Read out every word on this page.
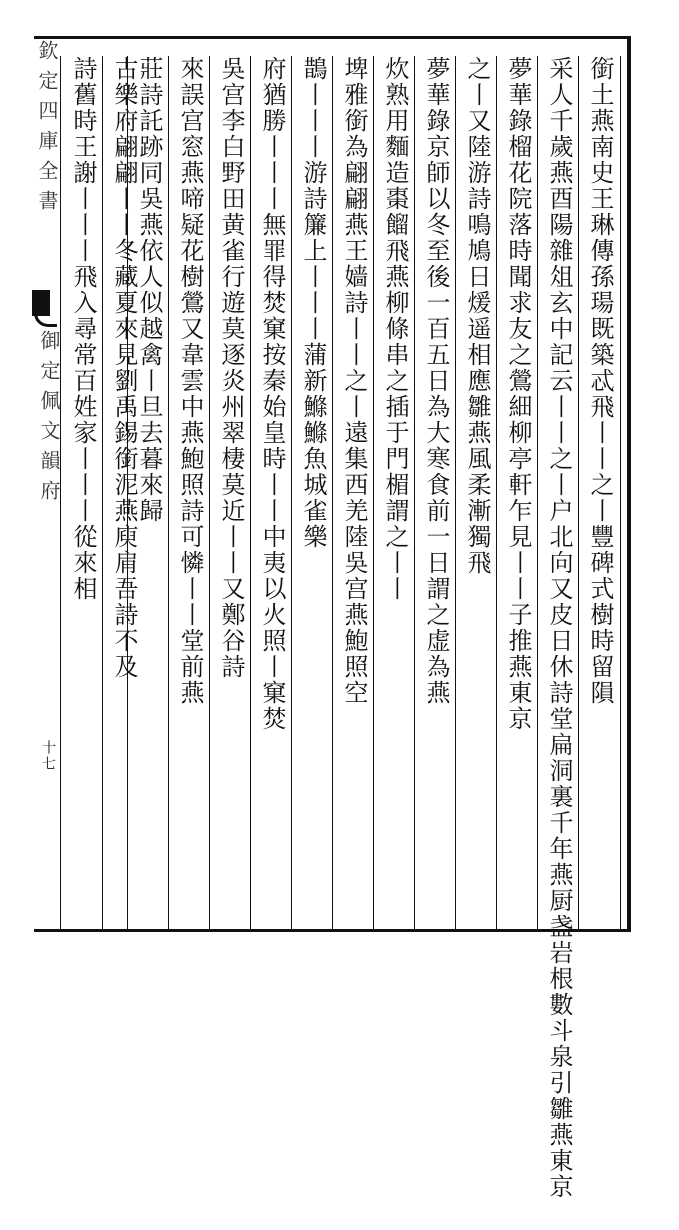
欽定四庫全書
御定佩文韻府
十七
銜土燕南史王琳傳孫瑒既築忒飛丨丨之丨豐碑式樹時留隕
采人千歲燕酉陽雜俎玄中記云丨丨之丨户北向又皮日休詩堂扁洞裏千年燕厨盏岩根數斗泉引雛燕東京
夢華錄榴花院落時聞求友之鶯細柳亭軒乍見丨丨子推燕東京
之丨又陸游詩鳴鳩日煖遥相應雛燕風柔漸獨飛
夢華錄京師以冬至後一百五日為大寒食前一日謂之虚為燕
炊熟用麵造棗餾飛燕柳條串之插于門楣謂之丨丨
埤雅銜為翩翩燕王嫱詩丨丨之丨遠集西羌陸吳宫燕鮑照空
鵲丨丨丨游詩簾上丨丨丨蒲新鰷鰷魚城雀樂
府猶勝丨丨丨無罪得焚窠按秦始皇時丨丨中夷以火照丨窠焚
吳宫李白野田黄雀行遊莫逐炎州翠棲莫近丨丨又鄭谷詩
來誤宫窓燕啼疑花樹鶯又韋雲中燕鮑照詩可憐丨丨堂前燕
莊詩託跡同吳燕依人似越禽丨旦去暮來歸
古樂府翩翩丨丨冬藏夏來見劉禹錫銜泥燕庾肩吾詩不及
詩舊時王謝丨丨丨飛入尋常百姓家丨丨丨從來相
